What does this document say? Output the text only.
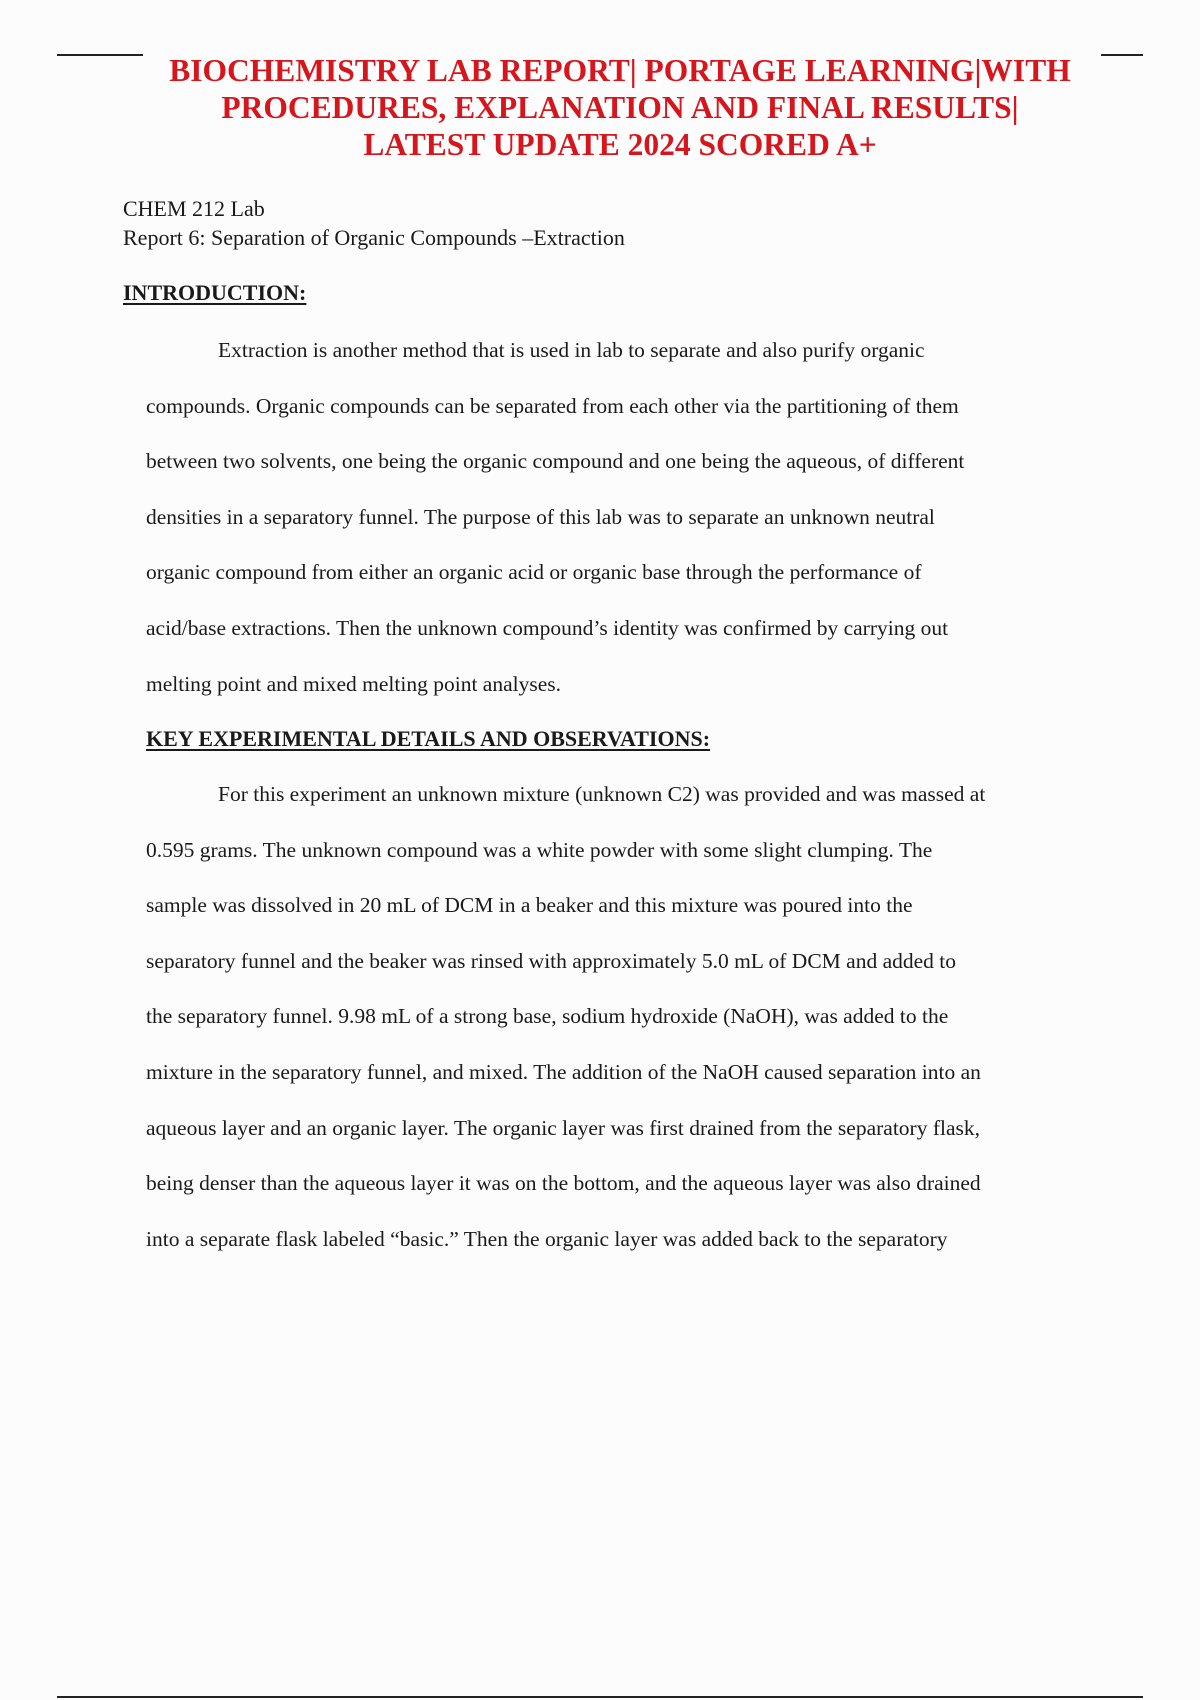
BIOCHEMISTRY LAB REPORT| PORTAGE LEARNING|WITH
PROCEDURES, EXPLANATION AND FINAL RESULTS|
LATEST UPDATE 2024 SCORED A+
CHEM 212 Lab
Report 6: Separation of Organic Compounds –Extraction
INTRODUCTION:
Extraction is another method that is used in lab to separate and also purify organic
compounds. Organic compounds can be separated from each other via the partitioning of them
between two solvents, one being the organic compound and one being the aqueous, of different
densities in a separatory funnel. The purpose of this lab was to separate an unknown neutral
organic compound from either an organic acid or organic base through the performance of
acid/base extractions. Then the unknown compound’s identity was confirmed by carrying out
melting point and mixed melting point analyses.
KEY EXPERIMENTAL DETAILS AND OBSERVATIONS:
For this experiment an unknown mixture (unknown C2) was provided and was massed at
0.595 grams. The unknown compound was a white powder with some slight clumping. The
sample was dissolved in 20 mL of DCM in a beaker and this mixture was poured into the
separatory funnel and the beaker was rinsed with approximately 5.0 mL of DCM and added to
the separatory funnel. 9.98 mL of a strong base, sodium hydroxide (NaOH), was added to the
mixture in the separatory funnel, and mixed. The addition of the NaOH caused separation into an
aqueous layer and an organic layer. The organic layer was first drained from the separatory flask,
being denser than the aqueous layer it was on the bottom, and the aqueous layer was also drained
into a separate flask labeled “basic.” Then the organic layer was added back to the separatory
